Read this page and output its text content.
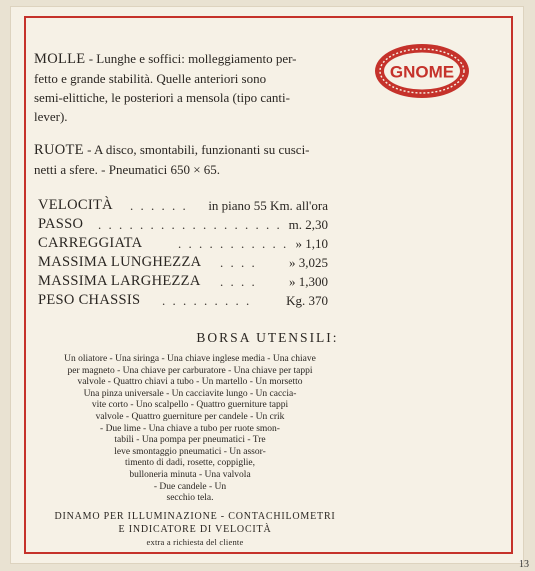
MOLLE - Lunghe e soffici: molleggiamento per-
fetto e grande stabilità. Quelle anteriori sono
semi-elittiche, le posteriori a mensola (tipo canti-
lever).
RUOTE - A disco, smontabili, funzionanti su cusci-
netti a sfere. - Pneumatici 650 × 65.
GNOME
VELOCITÀ . . . . . . in piano 55 Km. all'ora
PASSO . . . . . . . . . . . . . . . . . . m. 2,30
CARREGGIATA	. . . . . . . . . . . » 1,10
MASSIMA LUNGHEZZA . . . . » 3,025
MASSIMA LARGHEZZA . . . . » 1,300
PESO CHASSIS . . . . . . . . .	Kg. 370
BORSA UTENSILI:
Un oliatore - Una siringa - Una chiave inglese media - Una chiave
per magneto - Una chiave per carburatore - Una chiave per tappi
valvole - Quattro chiavi a tubo - Un martello - Un morsetto
Una pinza universale - Un cacciavite lungo - Un caccia-
vite corto - Uno scalpello - Quattro guerniture tappi
valvole - Quattro guerniture per candele - Un crik
- Due lime - Una chiave a tubo per ruote smon-
tabili - Una pompa per pneumatici - Tre
leve smontaggio pneumatici - Un assor-
timento di dadi, rosette, coppiglie,
bulloneria minuta - Una valvola
- Due candele - Un
secchio tela.
DINAMO PER ILLUMINAZIONE - CONTACHILOMETRI
E INDICATORE DI VELOCITÀ
extra a richiesta del cliente
13
